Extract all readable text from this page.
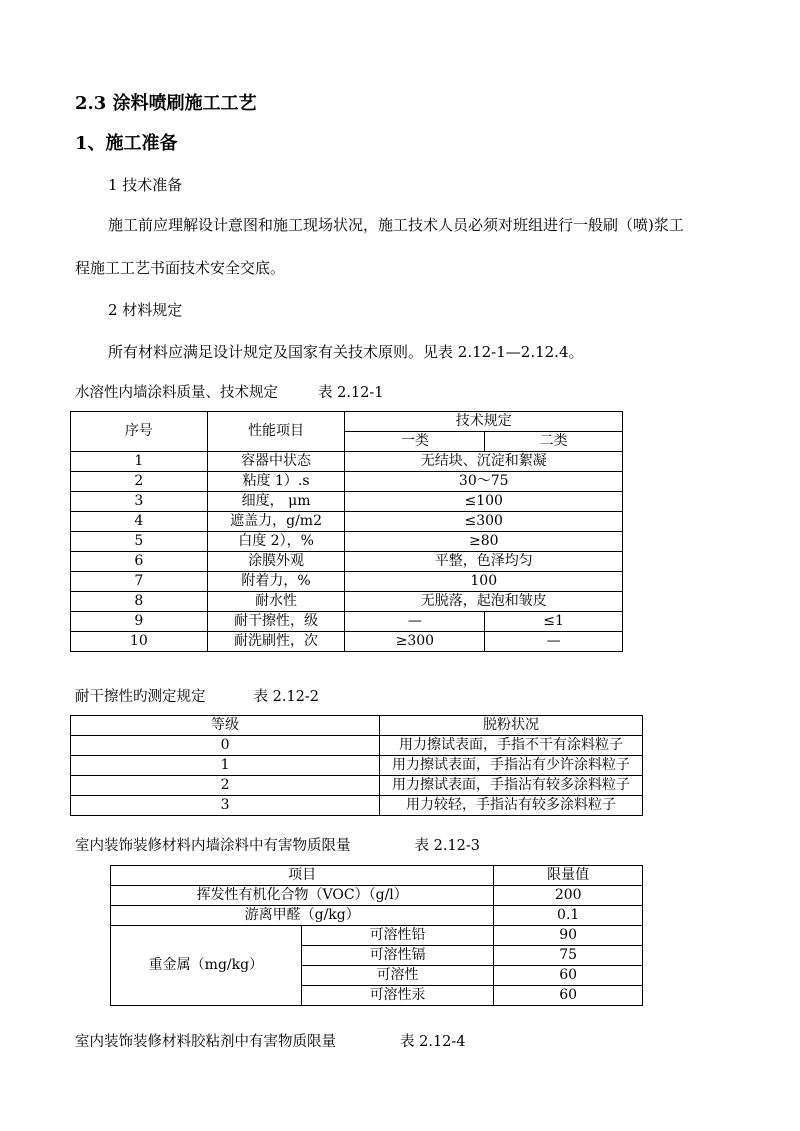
2.3 涂料喷刷施工工艺
1、施工准备
1 技术准备
施工前应理解设计意图和施工现场状况，施工技术人员必须对班组进行一般刷（喷)浆工
程施工工艺书面技术安全交底。
2 材料规定
所有材料应满足设计规定及国家有关技术原则。见表 2.12-1—2.12.4。
水溶性内墙涂料质量、技术规定	表 2.12-1
序号	性能项目	技术规定	
		一类	二类
1	容器中状态	无结块、沉淀和絮凝	
2	粘度 1）.s	30～75	
3	细度， μm	≤100	
4	遮盖力，g/m2	≤300	
5	白度 2），%	≥80	
6	涂膜外观	平整，色泽均匀	
7	附着力，%	100	
8	耐水性	无脱落，起泡和皱皮	
9	耐干擦性，级	—	≤1
10	耐洗刷性，次	≥300	—
耐干擦性旳测定规定	表 2.12-2
等级	脱粉状况
0	用力擦试表面，手指不干有涂料粒子
1	用力擦试表面，手指沾有少许涂料粒子
2	用力擦试表面，手指沾有较多涂料粒子
3	用力较轻，手指沾有较多涂料粒子
室内装饰装修材料内墙涂料中有害物质限量	表 2.12-3
项目		限量值
挥发性有机化合物（VOC）（g/l）		200
游离甲醛（g/kg）		0.1
重金属（mg/kg）	可溶性铅	90
	可溶性镉	75
	可溶性	60
	可溶性汞	60
室内装饰装修材料胶粘剂中有害物质限量	表 2.12-4
